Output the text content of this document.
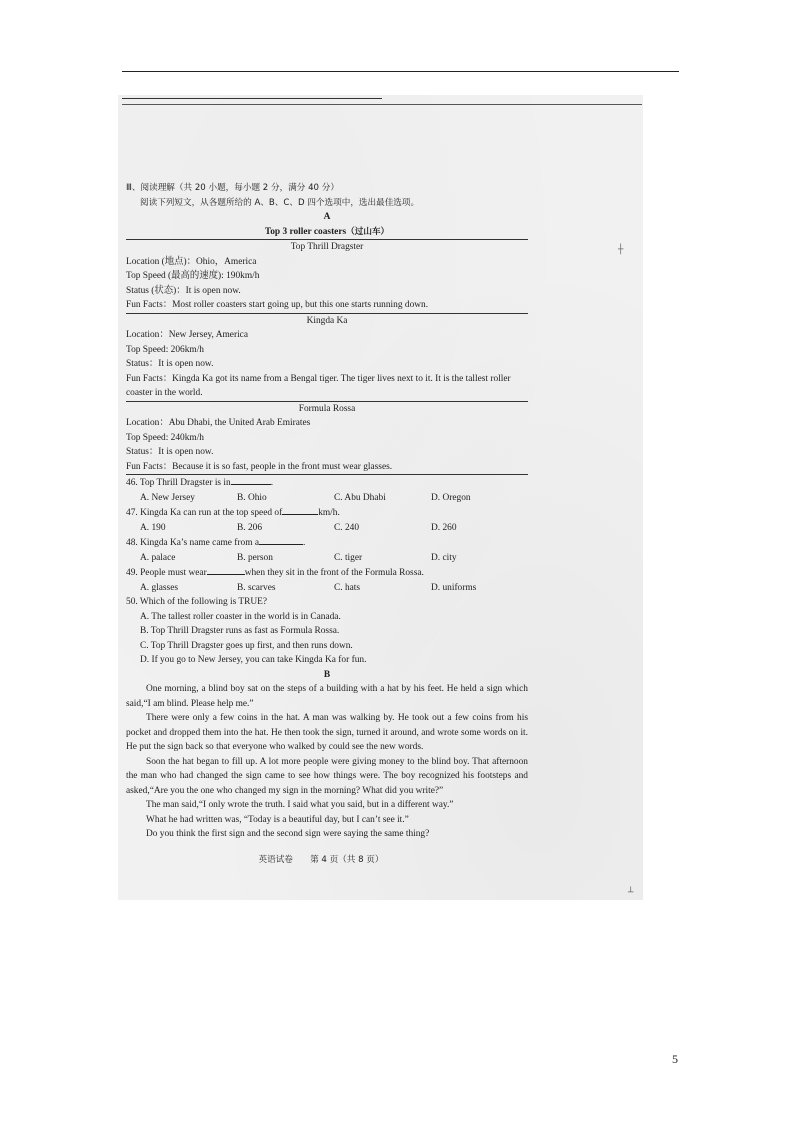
Ⅲ、阅读理解（共 20 小题，每小题 2 分，满分 40 分）

阅读下列短文，从各题所给的 A、B、C、D 四个选项中，选出最佳选项。

A

Top 3 roller coasters（过山车）

Top Thrill Dragster
Location (地点)：Ohio，America
Top Speed (最高的速度): 190km/h
Status (状态)：It is open now.
Fun Facts：Most roller coasters start going up, but this one starts running down.
Kingda Ka
Location：New Jersey, America
Top Speed: 206km/h
Status：It is open now.
Fun Facts：Kingda Ka got its name from a Bengal tiger. The tiger lives next to it. It is the tallest roller coaster in the world.
Formula Rossa
Location：Abu Dhabi, the United Arab Emirates
Top Speed: 240km/h
Status：It is open now.
Fun Facts：Because it is so fast, people in the front must wear glasses.

46. Top Thrill Dragster is in	.

A. New Jersey	B. Ohio	C. Abu Dhabi	D. Oregon

47. Kingda Ka can run at the top speed of	km/h.

A. 190	B. 206	C. 240	D. 260

48. Kingda Ka’s name came from a	.

A. palace	B. person	C. tiger	D. city

49. People must wear	when they sit in the front of the Formula Rossa.

A. glasses	B. scarves	C. hats	D. uniforms

50. Which of the following is TRUE?

A. The tallest roller coaster in the world is in Canada.
B. Top Thrill Dragster runs as fast as Formula Rossa.
C. Top Thrill Dragster goes up first, and then runs down.
D. If you go to New Jersey, you can take Kingda Ka for fun.

B

One morning, a blind boy sat on the steps of a building with a hat by his feet. He held a sign which said,“I am blind. Please help me.”

There were only a few coins in the hat. A man was walking by. He took out a few coins from his pocket and dropped them into the hat. He then took the sign, turned it around, and wrote some words on it. He put the sign back so that everyone who walked by could see the new words.

Soon the hat began to fill up. A lot more people were giving money to the blind boy. That afternoon the man who had changed the sign came to see how things were. The boy recognized his footsteps and asked,“Are you the one who changed my sign in the morning? What did you write?”

The man said,“I only wrote the truth. I said what you said, but in a different way.”

What he had written was, “Today is a beautiful day, but I can’t see it.”

Do you think the first sign and the second sign were saying the same thing?

英语试卷　　第 4 页（共 8 页）
┼
┴
5
